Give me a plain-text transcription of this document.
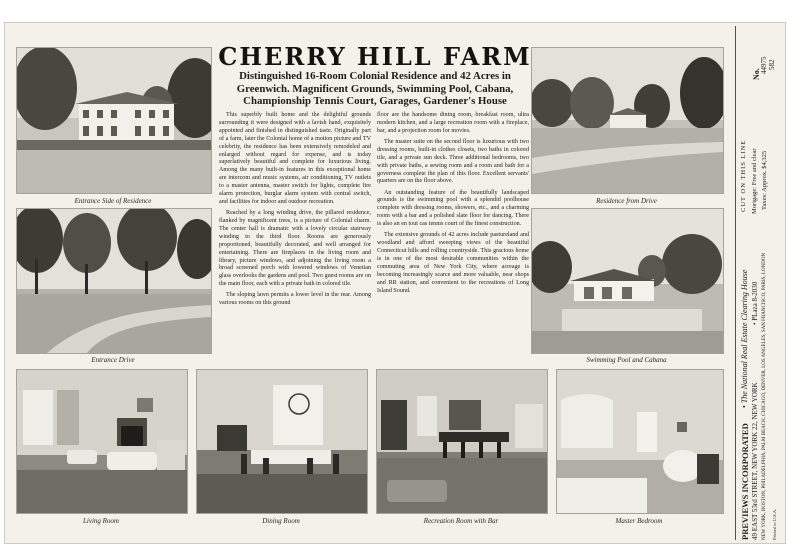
Entrance Side of Residence
Entrance Drive
Residence from Drive
Swimming Pool and Cabana
Living Room	Dining Room	Recreation Room with Bar	Master Bedroom
CHERRY HILL FARM
Distinguished 16-Room Colonial Residence and 42 Acres in Greenwich. Magnificent Grounds, Swimming Pool, Cabana, Championship Tennis Court, Garages, Gardener's House

This superbly built home and the delightful grounds surrounding it were designed with a lavish hand, exquisitely appointed and finished in distinguished taste. Originally part of a farm, later the Colonial home of a motion picture and TV celebrity, the residence has been extensively remodeled and enlarged without regard for expense, and is today superlatively beautiful and complete for luxurious living. Among the many built-in features in this exceptional home are intercom and music systems, air conditioning, TV outlets to a master antenna, master switch for lights, complete fire alarm protection, burglar alarm system with central switch, and facilities for indoor and outdoor recreation.

Reached by a long winding drive, the pillared residence, flanked by magnificent trees, is a picture of Colonial charm. The center hall is dramatic with a lovely circular stairway winding to the third floor. Rooms are generously proportioned, beautifully decorated, and well arranged for entertaining. There are fireplaces in the living room and library, picture windows, and adjoining the living room a broad screened porch with lowered windows of Venetian glass overlooks the gardens and pool. Two guest rooms are on the main floor, each with a private bath in colored tile.

The sloping lawn permits a lower level in the rear. Among various rooms on this ground

floor are the handsome dining room, breakfast room, ultra modern kitchen, and a large recreation room with a fireplace, bar, and a projection room for movies.

The master suite on the second floor is luxurious with two dressing rooms, built-in clothes closets, two baths in colored tile, and a private sun deck. Three additional bedrooms, two with private baths, a sewing room and a room and bath for a governess complete the plan of this floor. Excellent servants' quarters are on the floor above.

An outstanding feature of the beautifully landscaped grounds is the swimming pool with a splendid poolhouse complete with dressing rooms, showers, etc., and a charming room with a bar and a polished slate floor for dancing. There is also an en tout cas tennis court of the finest construction.

The extensive grounds of 42 acres include pastureland and woodland and afford sweeping views of the beautiful Connecticut hills and rolling countryside. This gracious home is in one of the most desirable communities within the commuting area of New York City, where acreage is becoming increasingly scarce and more valuable, near shops and RR station, and convenient to the recreations of Long Island Sound.

No.
44975 582
CUT ON THIS LINE Mortgage: Free and clear Taxes: Approx. $4,325
PREVIEWS INCORPORATED
• The National Real Estate Clearing House
49 EAST 53rd STREET, NEW YORK 22, NEW YORK
• PLaza 8-2030 NEW YORK, BOSTON, PHILADELPHIA, PALM BEACH, CHICAGO, DENVER, LOS ANGELES, SAN FRANCISCO, PARIS, LONDON Printed in U.S.A.
